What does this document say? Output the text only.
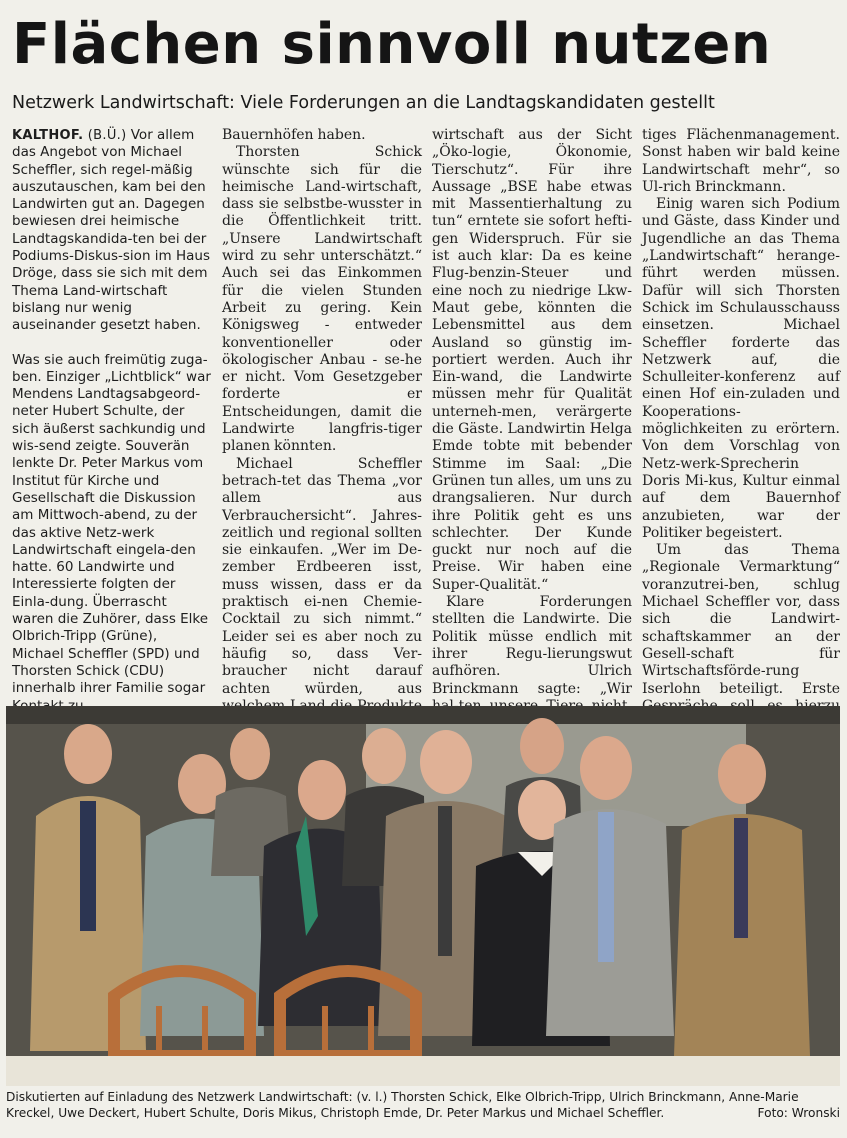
Flächen sinnvoll nutzen
Netzwerk Landwirtschaft: Viele Forderungen an die Landtagskandidaten gestellt

KALTHOF. (B.Ü.) Vor allem das Angebot von Michael Scheffler, sich regel-mäßig auszutauschen, kam bei den Landwirten gut an. Dagegen bewiesen drei heimische Landtagskandida-ten bei der Podiums-Diskus-sion im Haus Dröge, dass sie sich mit dem Thema Land-wirtschaft bislang nur wenig auseinander gesetzt haben.

Was sie auch freimütig zuga-ben. Einziger „Lichtblick“ war Mendens Landtagsabgeord-neter Hubert Schulte, der sich äußerst sachkundig und wis-send zeigte. Souverän lenkte Dr. Peter Markus vom Institut für Kirche und Gesellschaft die Diskussion am Mittwoch-abend, zu der das aktive Netz-werk Landwirtschaft eingela-den hatte. 60 Landwirte und Interessierte folgten der Einla-dung. Überrascht waren die Zuhörer, dass Elke Olbrich-Tripp (Grüne), Michael Scheffler (SPD) und Thorsten Schick (CDU) innerhalb ihrer Familie sogar

Bauernhöfen haben.

Thorsten Schick wünschte sich für die heimische Land-wirtschaft, dass sie selbstbe-wusster in die Öffentlichkeit tritt. „Unsere Landwirtschaft wird zu sehr unterschätzt.“ Auch sei das Einkommen für die vielen Stunden Arbeit zu gering. Kein Königsweg - entweder konventioneller oder ökologischer Anbau - se-he er nicht. Vom Gesetzgeber forderte er Entscheidungen, damit die Landwirte langfris-tiger planen könnten.

Michael Scheffler betrach-tet das Thema „vor allem aus Verbrauchersicht“. Jahres-zeitlich und regional sollten sie einkaufen. „Wer im De-zember Erdbeeren isst, muss wissen, dass er da praktisch ei-nen Chemie-Cocktail zu sich nimmt.“ Leider sei es aber noch zu häufig so, dass Ver-braucher nicht darauf achten würden, aus

wirtschaft aus der Sicht „Öko-logie, Ökonomie, Tierschutz“. Für ihre Aussage „BSE habe etwas mit Massentierhaltung zu tun“ erntete sie sofort hefti-gen Widerspruch. Für sie ist auch klar: Da es keine Flug-benzin-Steuer und eine noch zu niedrige Lkw-Maut gebe, könnten die Lebensmittel aus dem Ausland so günstig im-portiert werden. Auch ihr Ein-wand, die Landwirte müssen mehr für Qualität unterneh-men, verärgerte die Gäste. Landwirtin Helga Emde tobte mit bebender Stimme im Saal: „Die Grünen tun alles, um uns zu drangsalieren. Nur durch ihre Politik geht es uns schlechter. Der Kunde guckt nur noch auf die Preise. Wir haben eine Super-Qualität.“

Klare Forderungen stellten die Landwirte. Die Politik müsse endlich mit ihrer Regu-lierungswut aufhören. Ulrich Brinckmann sagte: „Wir

tiges Flächenmanagement. Sonst haben wir bald keine Landwirtschaft mehr“, so Ul-rich Brinckmann.

Einig waren sich Podium und Gäste, dass Kinder und Jugendliche an das Thema „Landwirtschaft“ herange-führt werden müssen. Dafür will sich Thorsten Schick im Schulausschauss einsetzen. Michael Scheffler forderte das Netzwerk auf, die Schulleiter-konferenz auf einen Hof ein-zuladen und Kooperations-möglichkeiten zu erörtern. Von dem Vorschlag von Netz-werk-Sprecherin Doris Mi-kus, Kultur einmal auf dem Bauernhof anzubieten, war der Politiker begeistert.

Um das Thema „Regionale Vermarktung“ voranzutrei-ben, schlug Michael Scheffler vor, dass sich die Landwirt-schaftskammer an der Gesell-schaft für Wirtschaftsförde-rung Iserlohn beteiligt. Erste

Diskutierten auf Einladung des Netzwerk Landwirtschaft: (v. l.) Thorsten Schick, Elke Olbrich-Tripp, Ulrich Brinckmann, Anne-Marie
Kreckel, Uwe Deckert, Hubert Schulte, Doris Mikus, Christoph Emde, Dr. Peter Markus und Michael Scheffler.	Foto: Wronski
